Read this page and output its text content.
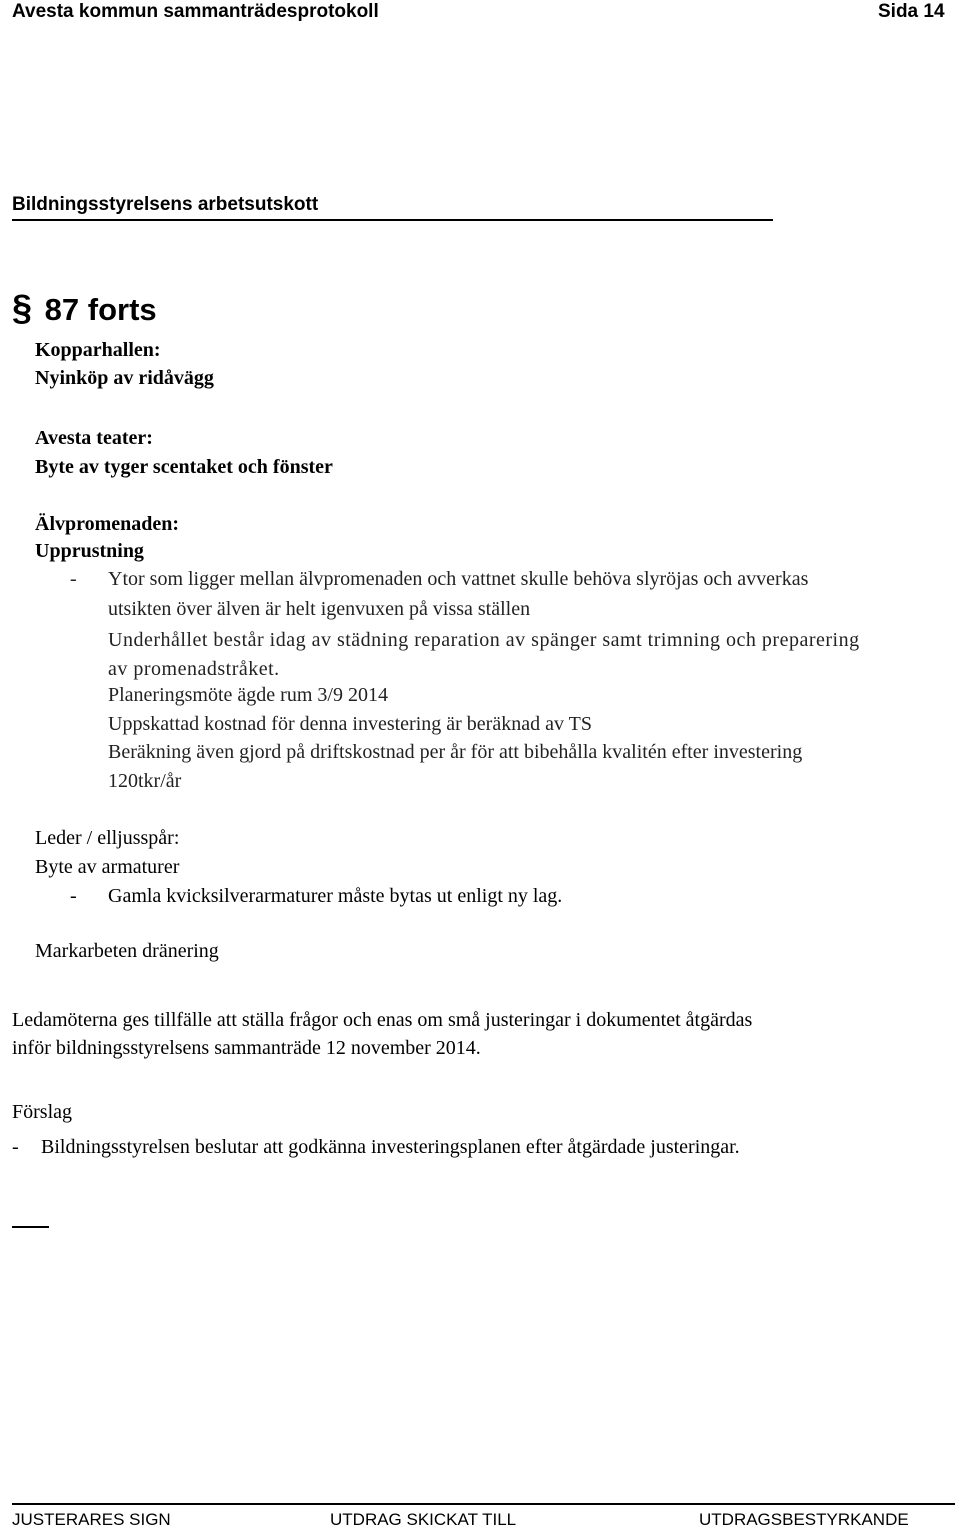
Avesta kommun sammanträdesprotokoll	Sida 14
Bildningsstyrelsens arbetsutskott
§ 87 forts
Kopparhallen:
Nyinköp av ridåvägg
Avesta teater:
Byte av tyger scentaket och fönster
Älvpromenaden:
Upprustning
- Ytor som ligger mellan älvpromenaden och vattnet skulle behöva slyröjas och avverkas
utsikten över älven är helt igenvuxen på vissa ställen
Underhållet består idag av städning reparation av spänger samt trimning och preparering
av promenadstråket.
Planeringsmöte ägde rum 3/9 2014
Uppskattad kostnad för denna investering är beräknad av TS
Beräkning även gjord på driftskostnad per år för att bibehålla kvalitén efter investering
120tkr/år
Leder / elljusspår:
Byte av armaturer
- Gamla kvicksilverarmaturer måste bytas ut enligt ny lag.
Markarbeten dränering
Ledamöterna ges tillfälle att ställa frågor och enas om små justeringar i dokumentet åtgärdas
inför bildningsstyrelsens sammanträde 12 november 2014.
Förslag
- Bildningsstyrelsen beslutar att godkänna investeringsplanen efter åtgärdade justeringar.
JUSTERARES SIGN	UTDRAG SKICKAT TILL	UTDRAGSBESTYRKANDE
